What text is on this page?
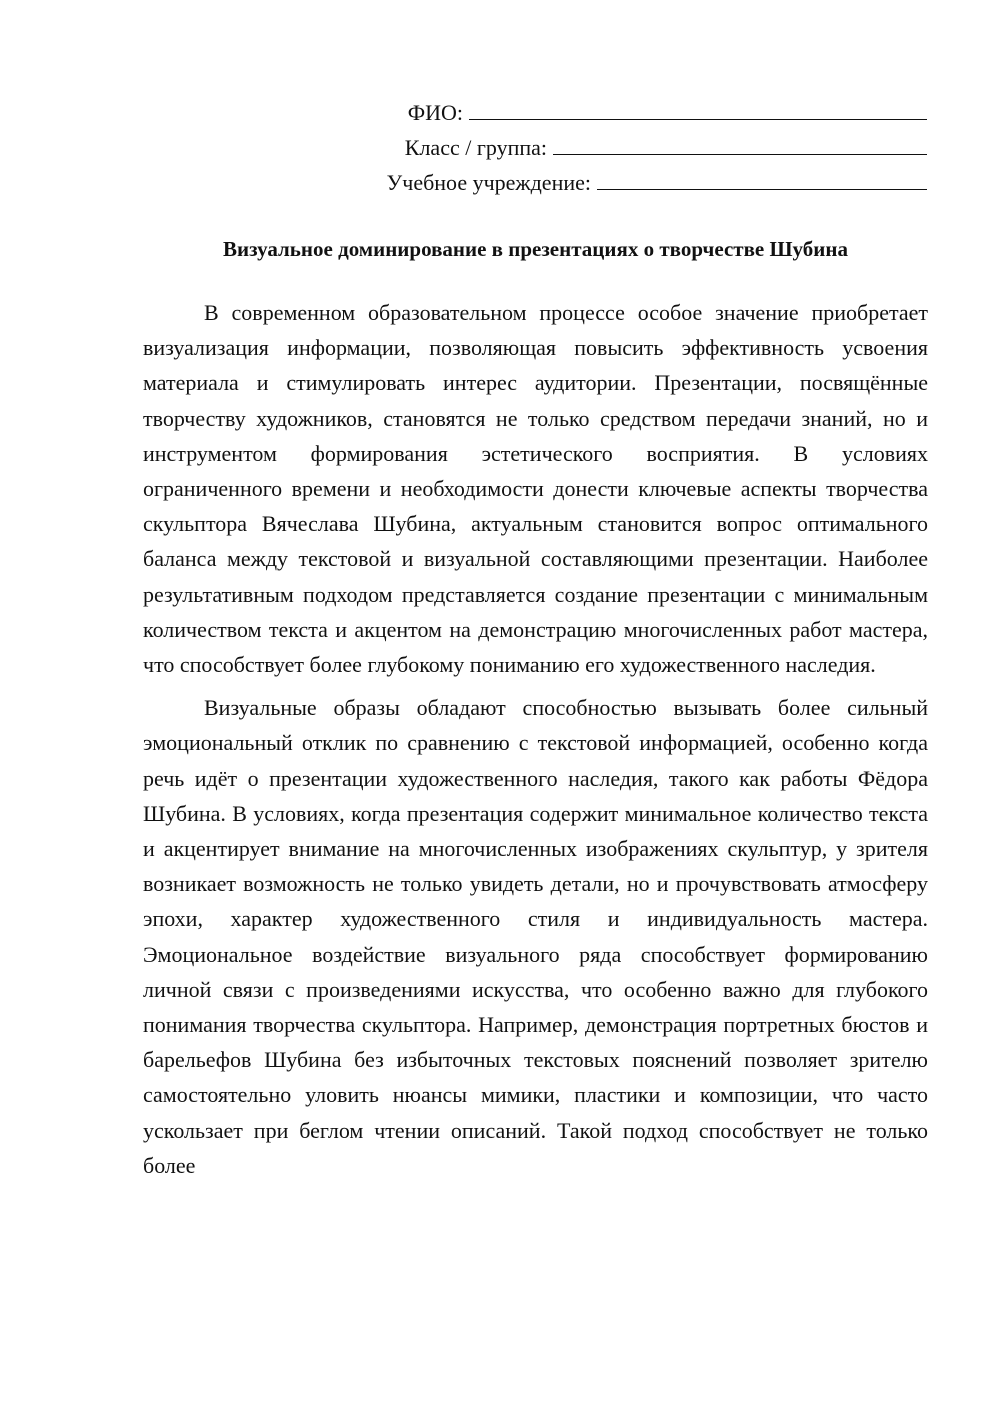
ФИО:
Класс / группа:
Учебное учреждение:
Визуальное доминирование в презентациях о творчестве Шубина

В современном образовательном процессе особое значение приобретает визуализация информации, позволяющая повысить эффективность усвоения материала и стимулировать интерес аудитории. Презентации, посвящённые творчеству художников, становятся не только средством передачи знаний, но и инструментом формирования эстетического восприятия. В условиях ограниченного времени и необходимости донести ключевые аспекты творчества скульптора Вячеслава Шубина, актуальным становится вопрос оптимального баланса между текстовой и визуальной составляющими презентации. Наиболее результативным подходом представляется создание презентации с минимальным количеством текста и акцентом на демонстрацию многочисленных работ мастера, что способствует более глубокому пониманию его художественного наследия.

Визуальные образы обладают способностью вызывать более сильный эмоциональный отклик по сравнению с текстовой информацией, особенно когда речь идёт о презентации художественного наследия, такого как работы Фёдора Шубина. В условиях, когда презентация содержит минимальное количество текста и акцентирует внимание на многочисленных изображениях скульптур, у зрителя возникает возможность не только увидеть детали, но и прочувствовать атмосферу эпохи, характер художественного стиля и индивидуальность мастера. Эмоциональное воздействие визуального ряда способствует формированию личной связи с произведениями искусства, что особенно важно для глубокого понимания творчества скульптора. Например, демонстрация портретных бюстов и барельефов Шубина без избыточных текстовых пояснений позволяет зрителю самостоятельно уловить нюансы мимики, пластики и композиции, что часто ускользает при беглом чтении описаний. Такой подход способствует не только более
